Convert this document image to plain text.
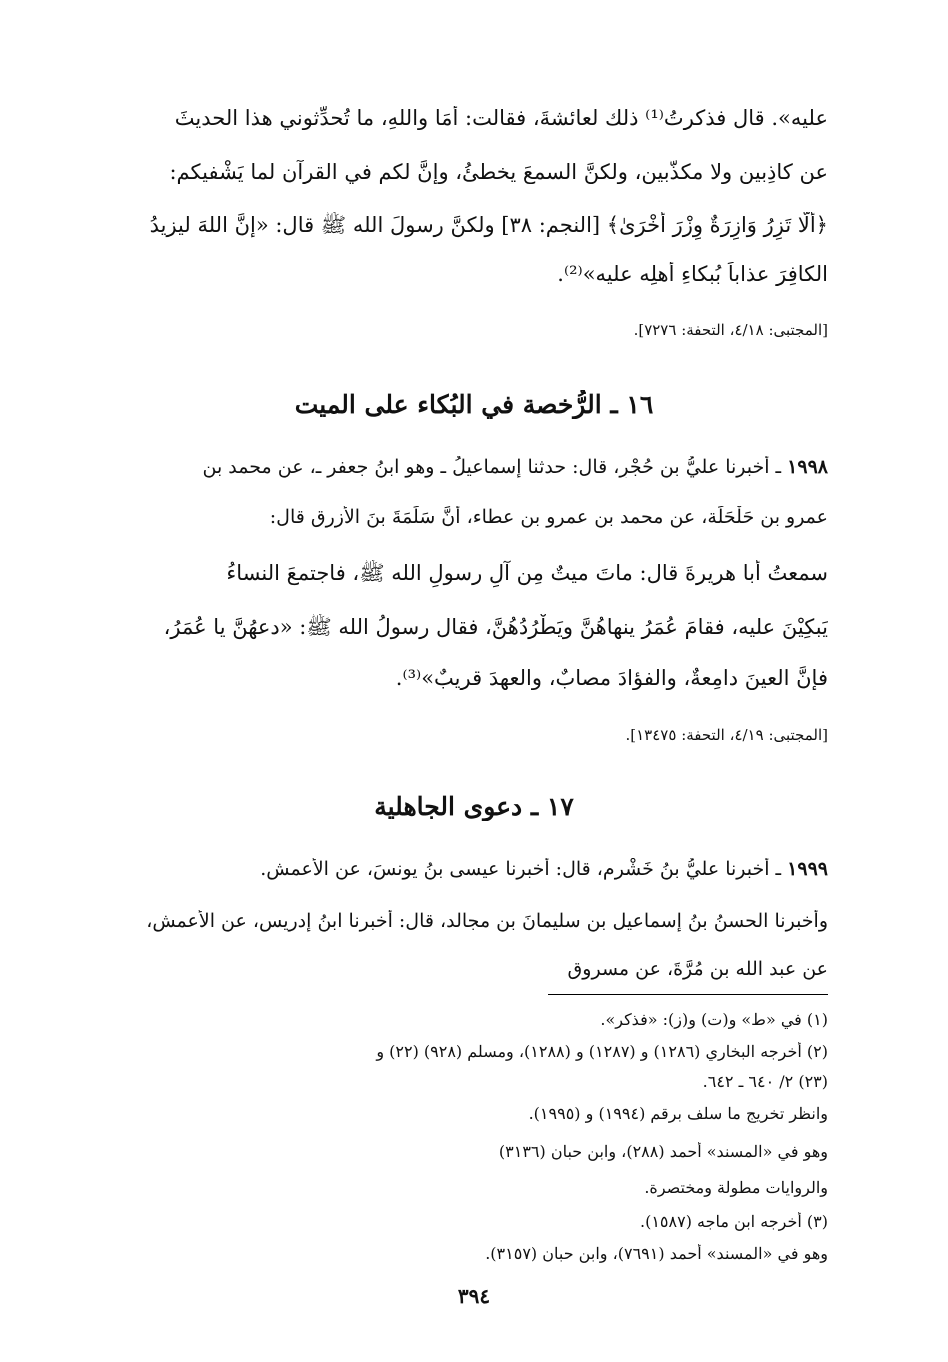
عليه». قال فذكرتُ⁽¹⁾ ذلك لعائشةَ، فقالت: أَمَا واللهِ، ما تُحدِّثوني هذا الحديثَ
عن كاذِبين ولا مكذَّبين، ولكنَّ السمعَ يخطئُ، وإنَّ لكم في القرآن لما يَشْفيكم:
﴿أَلَّا تَزِرُ وَازِرَةٌ وِزْرَ أُخْرَىٰ﴾ [النجم: ٣٨] ولكنَّ رسولَ الله ﷺ قال: «إنَّ اللهَ ليزيدُ
الكافِرَ عذاباً بُبكاءِ أهلِه عليه»⁽²⁾.
[المجتبى: ٤/١٨، التحفة: ٧٢٧٦].
١٦ ـ الرُّخصة في البُكاء على الميت
١٩٩٨ ـ أخبرنا عليُّ بن حُجْرٍ، قال: حدثنا إسماعيلُ ـ وهو ابنُ جعفر ـ، عن محمد بن
عمرو بن حَلْحَلَة، عن محمد بن عمرو بن عطاء، أنَّ سَلَمَةَ بنَ الأزرق قال:
سمعتُ أبا هريرةَ قال: ماتَ ميتٌ مِن آلِ رسولِ الله ﷺ، فاجتمعَ النساءُ
يَبكِيْنَ عليه، فقامَ عُمَرُ ينهاهُنَّ ويَطْرُدُهُنَّ، فقال رسولُ الله ﷺ: «دعهُنَّ يا عُمَرُ،
فإنَّ العينَ دامِعةٌ، والفؤادَ مصابٌ، والعهدَ قريبٌ»⁽³⁾.
[المجتبى: ٤/١٩، التحفة: ١٣٤٧٥].
١٧ ـ دعوى الجاهلية
١٩٩٩ ـ أخبرنا عليُّ بنُ خَشْرم، قال: أخبرنا عيسى بنُ يونسَ، عن الأعمش.
وأخبرنا الحسنُ بنُ إسماعيل بن سليمانَ بن مجالد، قال: أخبرنا ابنُ إدريس، عن الأعمش،
عن عبد الله بنِ مُرَّةَ، عن مسروق
(١) في «ط» و(ت) و(ز): «فذكر».
(٢) أخرجه البخاري (١٢٨٦) و (١٢٨٧) و (١٢٨٨)، ومسلم (٩٢٨) (٢٢) و
(٢٣) ٢/ ٦٤٠ ـ ٦٤٢.
وانظر تخريج ما سلف برقم (١٩٩٤) و (١٩٩٥).
وهو في «المسند» أحمد (٢٨٨)، وابن حبان (٣١٣٦)
والروايات مطولة ومختصرة.
(٣) أخرجه ابن ماجه (١٥٨٧).
وهو في «المسند» أحمد (٧٦٩١)، وابن حبان (٣١٥٧).
٣٩٤
